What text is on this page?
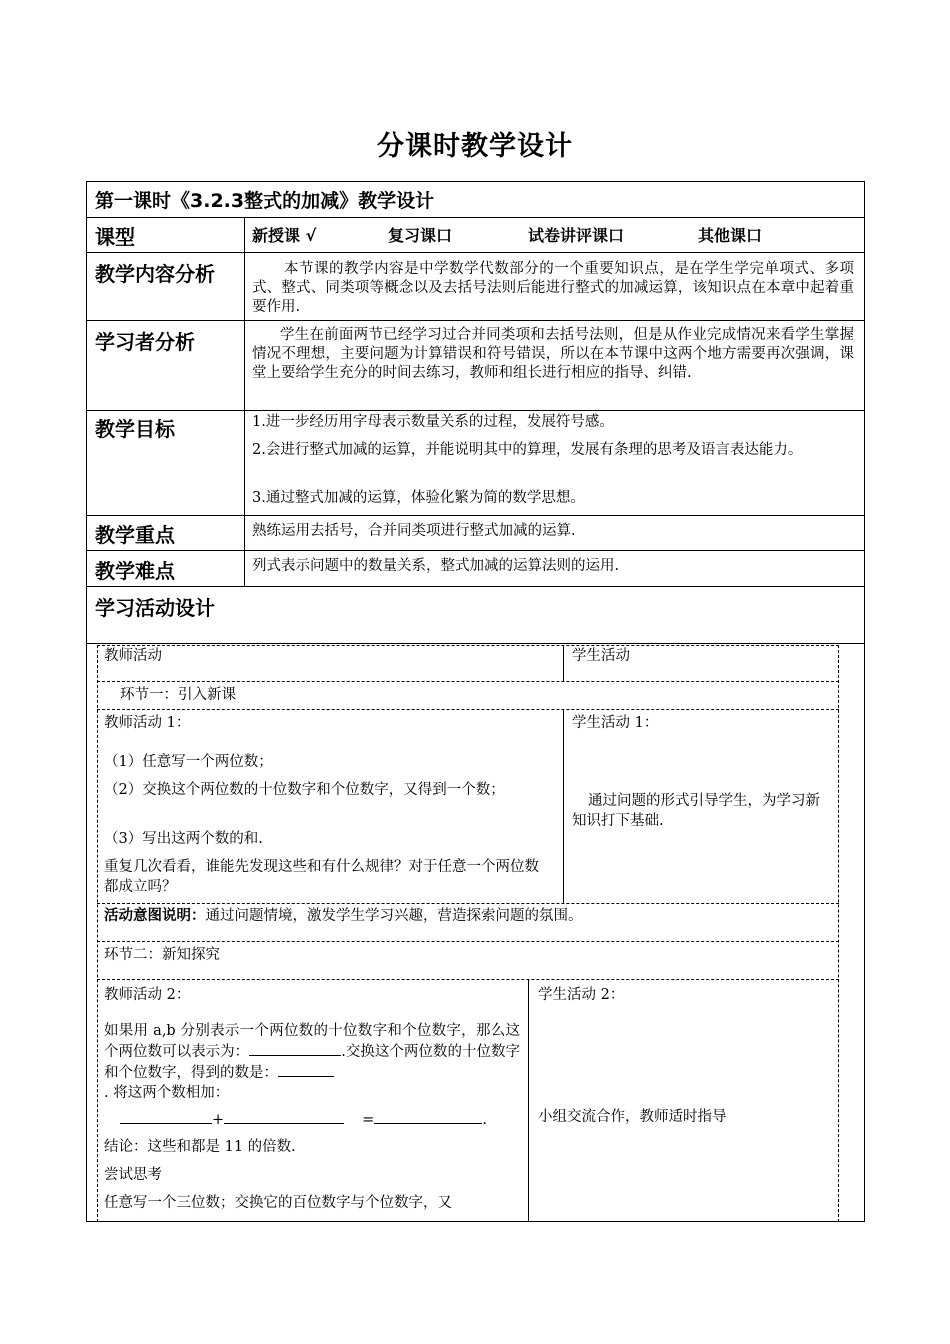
分课时教学设计
第一课时《3.2.3整式的加减》教学设计
课型	新授课 √	复习课口	试卷讲评课口	其他课口
教学内容分析	本节课的教学内容是中学数学代数部分的一个重要知识点，是在学生学完单项式、多项式、整式、同类项等概念以及去括号法则后能进行整式的加减运算，该知识点在本章中起着重要作用.
学习者分析	学生在前面两节已经学习过合并同类项和去括号法则，但是从作业完成情况来看学生掌握情况不理想，主要问题为计算错误和符号错误，所以在本节课中这两个地方需要再次强调，课堂上要给学生充分的时间去练习，教师和组长进行相应的指导、纠错.
教学目标	1.进一步经历用字母表示数量关系的过程，发展符号感。
2.会进行整式加减的运算，并能说明其中的算理，发展有条理的思考及语言表达能力。
3.通过整式加减的运算，体验化繁为简的数学思想。
教学重点	熟练运用去括号，合并同类项进行整式加减的运算.
教学难点	列式表示问题中的数量关系，整式加减的运算法则的运用.
学习活动设计
教师活动	学生活动
环节一：引入新课
教师活动 1：
（1）任意写一个两位数；
（2）交换这个两位数的十位数字和个位数字，又得到一个数；
（3）写出这两个数的和.
重复几次看看，谁能先发现这些和有什么规律？对于任意一个两位数都成立吗？
学生活动 1：
通过问题的形式引导学生，为学习新知识打下基础.
活动意图说明：通过问题情境，激发学生学习兴趣，营造探索问题的氛围。
环节二：新知探究
教师活动 2：
如果用 a,b 分别表示一个两位数的十位数字和个位数字，那么这个两位数可以表示为：	.交换这个两位数的十位数字和个位数字，得到的数是：
. 将这两个数相加：
+	=	.
结论：这些和都是 11 的倍数.
尝试思考
任意写一个三位数；交换它的百位数字与个位数字，又
学生活动 2：
小组交流合作，教师适时指导
